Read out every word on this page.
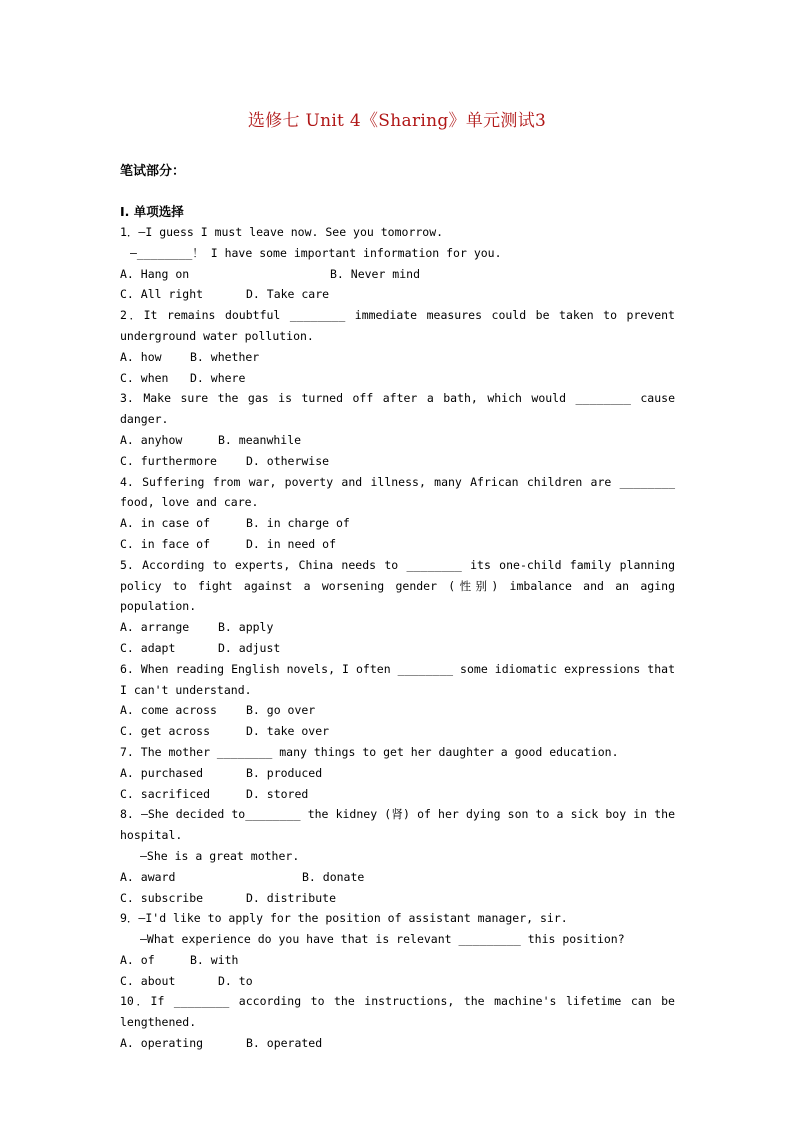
选修七 Unit 4《Sharing》单元测试3
笔试部分：
I. 单项选择
1．—I guess I must leave now. See you tomorrow.
—________！ I have some important information for you.
A. Hang on	B. Never mind
C. All right	D. Take care
2．It remains doubtful ________ immediate measures could be taken to prevent underground water pollution.
A. how B. whether
C. when D. where
3. Make sure the gas is turned off after a bath, which would ________ cause danger.
A. anyhow	B. meanwhile
C. furthermore	D. otherwise
4. Suffering from war, poverty and illness, many African children are ________ food, love and care.
A. in case of	B. in charge of
C. in face of	D. in need of
5. According to experts, China needs to ________ its one-child family planning policy to fight against a worsening gender (性别) imbalance and an aging population.
A. arrange	B. apply
C. adapt	D. adjust
6. When reading English novels, I often ________ some idiomatic expressions that I can't understand.
A. come across	B. go over
C. get across	D. take over
7. The mother ________ many things to get her daughter a good education.
A. purchased	B. produced
C. sacrificed	D. stored
8. —She decided to________ the kidney (肾) of her dying son to a sick boy in the hospital.
—She is a great mother.
A. award	B. donate
C. subscribe	D. distribute
9．—I'd like to apply for the position of assistant manager, sir.
—What experience do you have that is relevant _________ this position?
A. of	B. with
C. about	D. to
10．If ________ according to the instructions, the machine's lifetime can be lengthened.
A. operating	B. operated
